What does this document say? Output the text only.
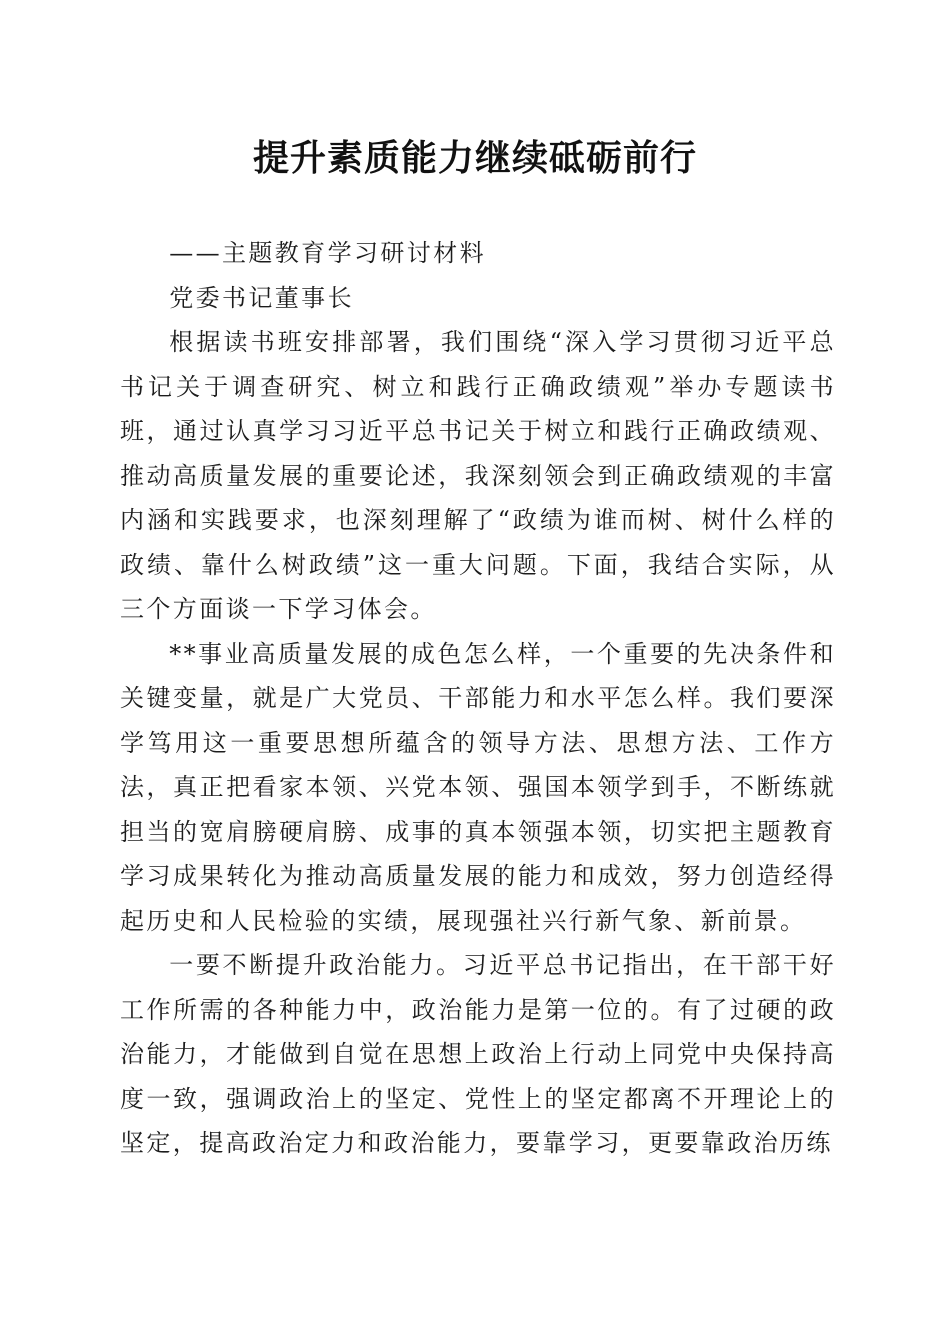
提升素质能力继续砥砺前行

——主题教育学习研讨材料

党委书记董事长

根据读书班安排部署，我们围绕“深入学习贯彻习近平总书记关于调查研究、树立和践行正确政绩观”举办专题读书班，通过认真学习习近平总书记关于树立和践行正确政绩观、推动高质量发展的重要论述，我深刻领会到正确政绩观的丰富内涵和实践要求，也深刻理解了“政绩为谁而树、树什么样的政绩、靠什么树政绩”这一重大问题。下面，我结合实际，从三个方面谈一下学习体会。

**事业高质量发展的成色怎么样，一个重要的先决条件和关键变量，就是广大党员、干部能力和水平怎么样。我们要深学笃用这一重要思想所蕴含的领导方法、思想方法、工作方法，真正把看家本领、兴党本领、强国本领学到手，不断练就担当的宽肩膀硬肩膀、成事的真本领强本领，切实把主题教育学习成果转化为推动高质量发展的能力和成效，努力创造经得起历史和人民检验的实绩，展现强社兴行新气象、新前景。

一要不断提升政治能力。习近平总书记指出，在干部干好工作所需的各种能力中，政治能力是第一位的。有了过硬的政治能力，才能做到自觉在思想上政治上行动上同党中央保持高度一致，强调政治上的坚定、党性上的坚定都离不开理论上的坚定，提高政治定力和政治能力，要靠学习，更要靠政治历练
